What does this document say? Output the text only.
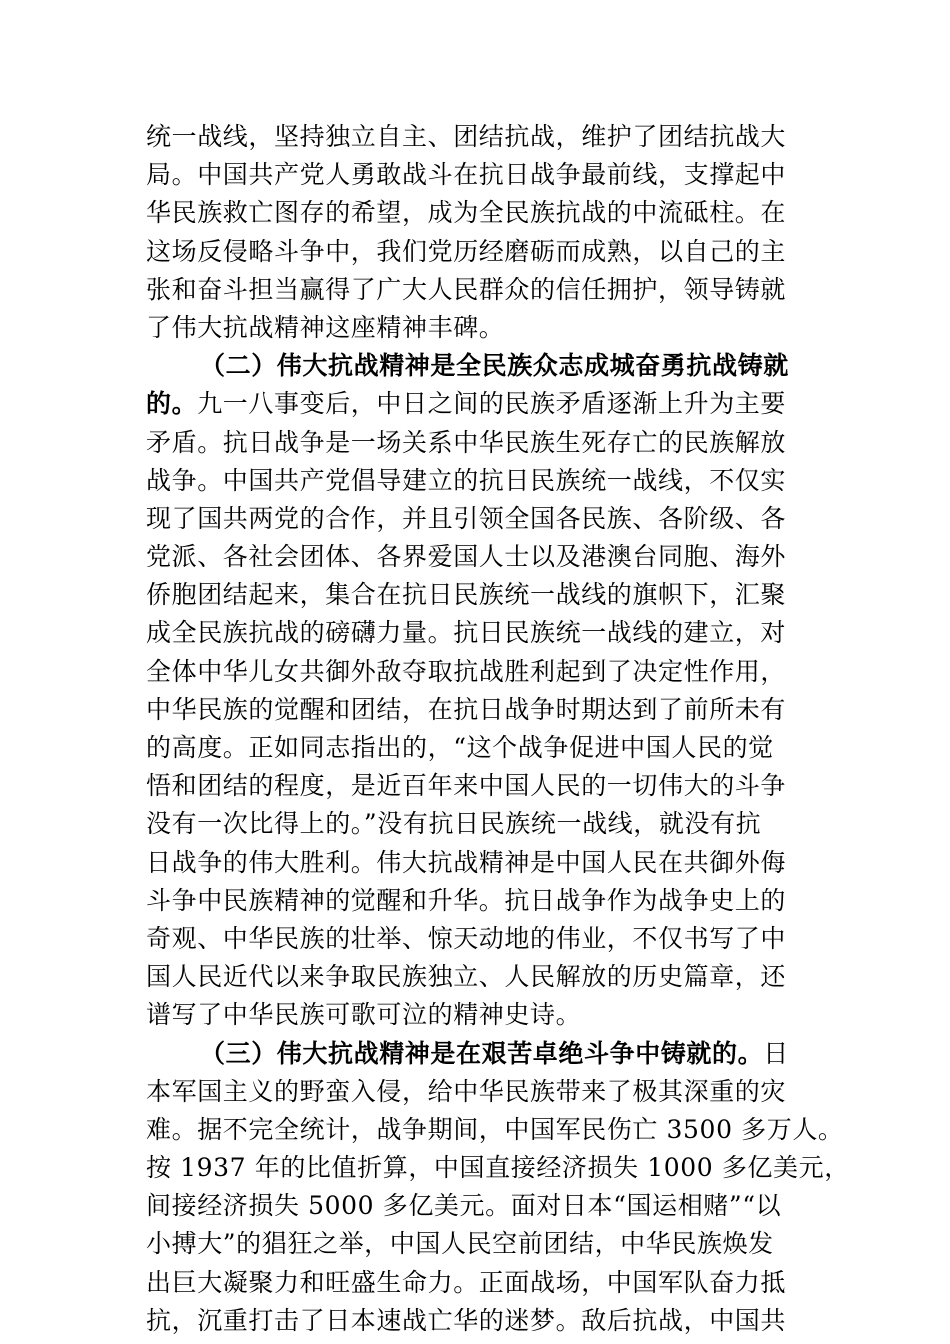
统一战线，坚持独立自主、团结抗战，维护了团结抗战大
局。中国共产党人勇敢战斗在抗日战争最前线，支撑起中
华民族救亡图存的希望，成为全民族抗战的中流砥柱。在
这场反侵略斗争中，我们党历经磨砺而成熟，以自己的主
张和奋斗担当赢得了广大人民群众的信任拥护，领导铸就
了伟大抗战精神这座精神丰碑。
（二）伟大抗战精神是全民族众志成城奋勇抗战铸就
的。九一八事变后，中日之间的民族矛盾逐渐上升为主要
矛盾。抗日战争是一场关系中华民族生死存亡的民族解放
战争。中国共产党倡导建立的抗日民族统一战线，不仅实
现了国共两党的合作，并且引领全国各民族、各阶级、各
党派、各社会团体、各界爱国人士以及港澳台同胞、海外
侨胞团结起来，集合在抗日民族统一战线的旗帜下，汇聚
成全民族抗战的磅礴力量。抗日民族统一战线的建立，对
全体中华儿女共御外敌夺取抗战胜利起到了决定性作用，
中华民族的觉醒和团结，在抗日战争时期达到了前所未有
的高度。正如同志指出的，“这个战争促进中国人民的觉
悟和团结的程度，是近百年来中国人民的一切伟大的斗争
没有一次比得上的。”没有抗日民族统一战线，就没有抗
日战争的伟大胜利。伟大抗战精神是中国人民在共御外侮
斗争中民族精神的觉醒和升华。抗日战争作为战争史上的
奇观、中华民族的壮举、惊天动地的伟业，不仅书写了中
国人民近代以来争取民族独立、人民解放的历史篇章，还
谱写了中华民族可歌可泣的精神史诗。
（三）伟大抗战精神是在艰苦卓绝斗争中铸就的。日
本军国主义的野蛮入侵，给中华民族带来了极其深重的灾
难。据不完全统计，战争期间，中国军民伤亡 3500 多万人。
按 1937 年的比值折算，中国直接经济损失 1000 多亿美元，
间接经济损失 5000 多亿美元。面对日本“国运相赌”“以
小搏大”的猖狂之举，中国人民空前团结，中华民族焕发
出巨大凝聚力和旺盛生命力。正面战场，中国军队奋力抵
抗，沉重打击了日本速战亡华的迷梦。敌后抗战，中国共
